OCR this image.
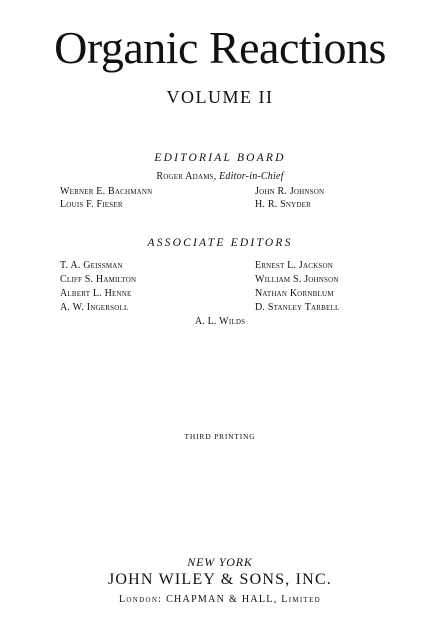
Organic Reactions
VOLUME II
EDITORIAL BOARD
Roger Adams, Editor-in-Chief
Werner E. Bachmann
Louis F. Fieser
John R. Johnson
H. R. Snyder
ASSOCIATE EDITORS
T. A. Geissman
Cliff S. Hamilton
Albert L. Henne
A. W. Ingersoll
Ernest L. Jackson
William S. Johnson
Nathan Kornblum
D. Stanley Tarbell
A. L. Wilds
THIRD PRINTING
NEW YORK
JOHN WILEY & SONS, INC.
London: CHAPMAN & HALL, Limited
